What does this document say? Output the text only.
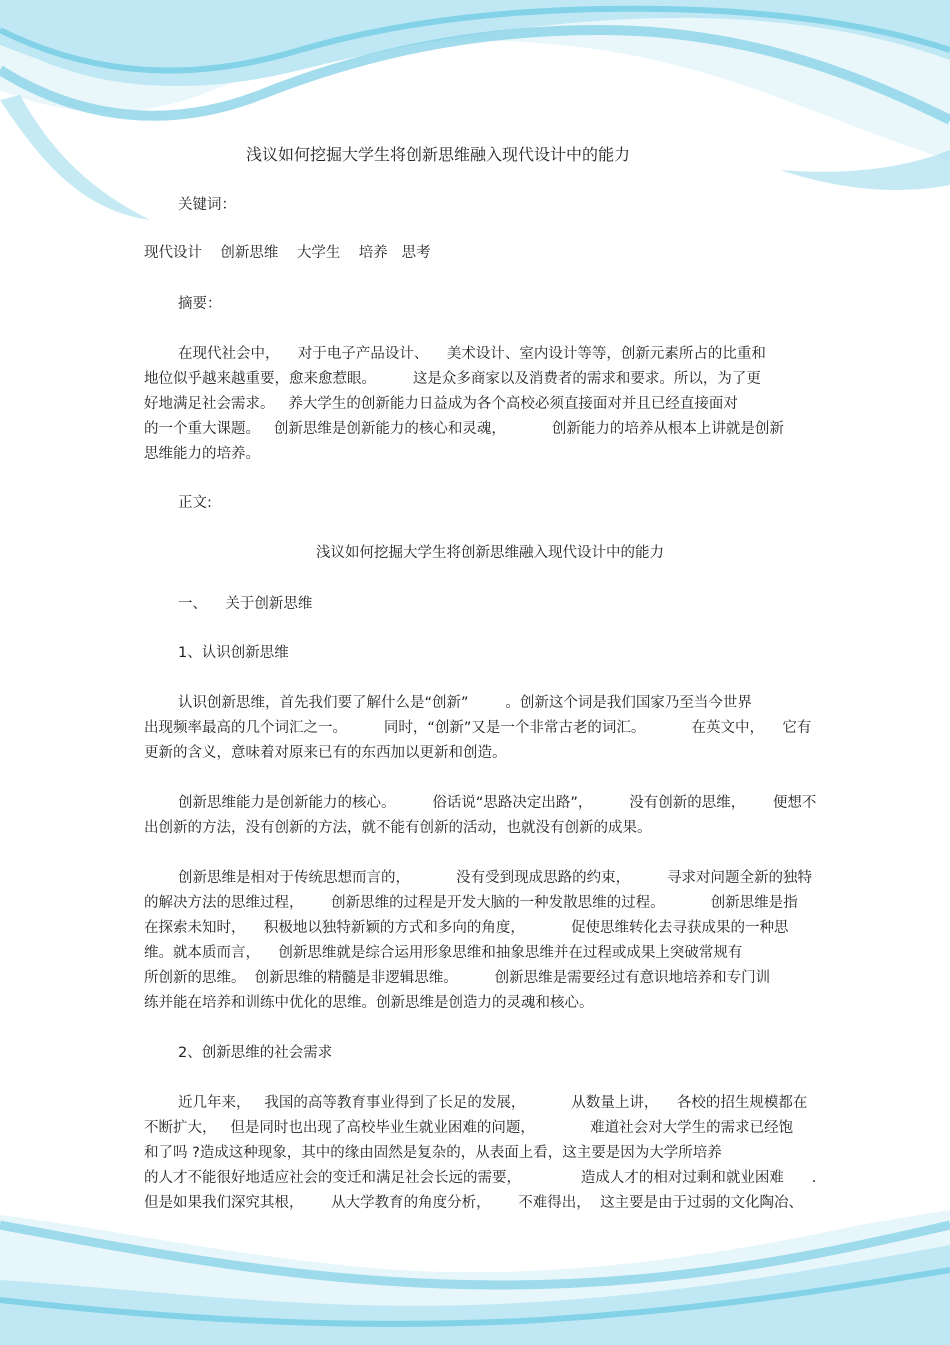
浅议如何挖掘大学生将创新思维融入现代设计中的能力
关键词：
现代设计    创新思维    大学生    培养   思考
摘要：
在现代社会中，    对于电子产品设计、    美术设计、室内设计等等，创新元素所占的比重和
地位似乎越来越重要，愈来愈惹眼。        这是众多商家以及消费者的需求和要求。所以，为了更
好地满足社会需求。   养大学生的创新能力日益成为各个高校必须直接面对并且已经直接面对
的一个重大课题。   创新思维是创新能力的核心和灵魂，          创新能力的培养从根本上讲就是创新
思维能力的培养。
正文:
浅议如何挖掘大学生将创新思维融入现代设计中的能力
一、    关于创新思维
1、认识创新思维
认识创新思维，首先我们要了解什么是“创新”        。创新这个词是我们国家乃至当今世界
出现频率最高的几个词汇之一。        同时，“创新”又是一个非常古老的词汇。          在英文中，    它有
更新的含义，意味着对原来已有的东西加以更新和创造。
创新思维能力是创新能力的核心。        俗话说“思路决定出路”，        没有创新的思维，      便想不
出创新的方法，没有创新的方法，就不能有创新的活动，也就没有创新的成果。
创新思维是相对于传统思想而言的，          没有受到现成思路的约束，        寻求对问题全新的独特
的解决方法的思维过程，      创新思维的过程是开发大脑的一种发散思维的过程。          创新思维是指
在探索未知时，    积极地以独特新颖的方式和多向的角度，          促使思维转化去寻获成果的一种思
维。就本质而言，    创新思维就是综合运用形象思维和抽象思维并在过程或成果上突破常规有
所创新的思维。  创新思维的精髓是非逻辑思维。        创新思维是需要经过有意识地培养和专门训
练并能在培养和训练中优化的思维。创新思维是创造力的灵魂和核心。
2、创新思维的社会需求
近几年来，   我国的高等教育事业得到了长足的发展，          从数量上讲，    各校的招生规模都在
不断扩大，   但是同时也出现了高校毕业生就业困难的问题，            难道社会对大学生的需求已经饱
和了吗 ?造成这种现象，其中的缘由固然是复杂的，从表面上看，这主要是因为大学所培养
的人才不能很好地适应社会的变迁和满足社会长远的需要，             造成人才的相对过剩和就业困难      .
但是如果我们深究其根，      从大学教育的角度分析，      不难得出，  这主要是由于过弱的文化陶冶、
